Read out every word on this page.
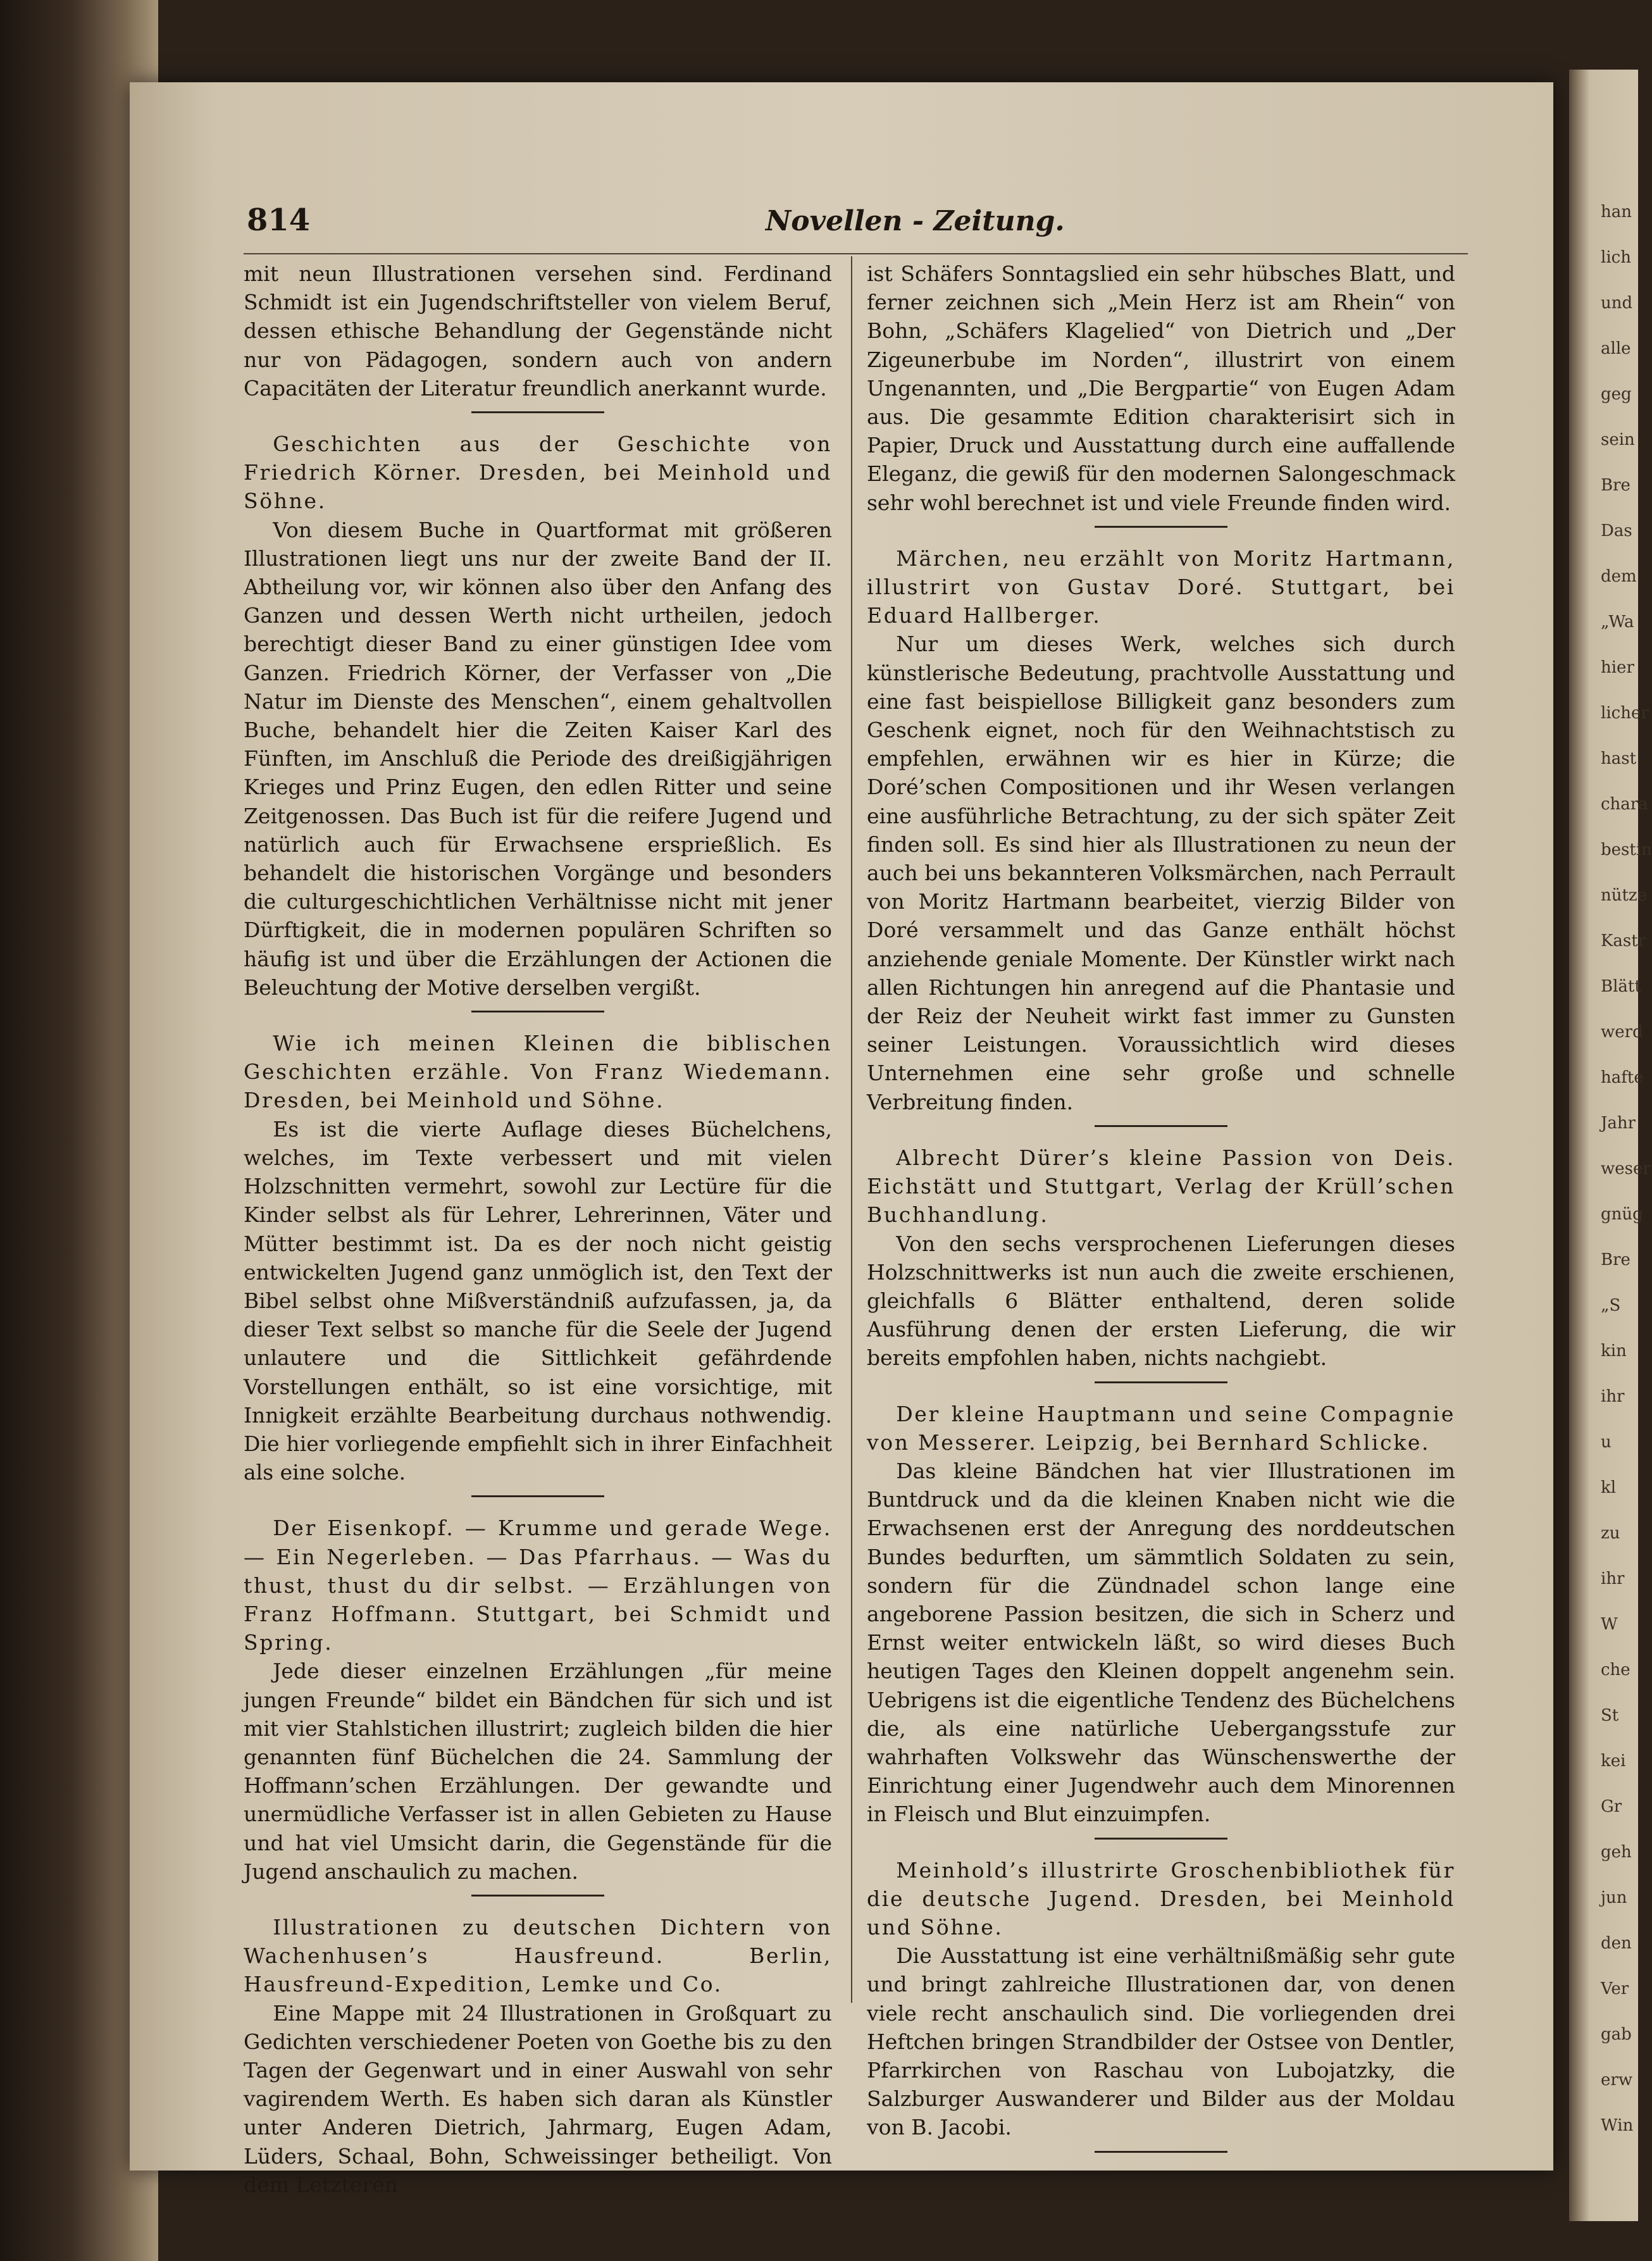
han
lich
und
alle
geg
sein
Bre
Das
dem
„Wa
hier
licher
hast
chara
bestin
nütze
Kastr
Blätt
werd
hafte
Jahr
weser
gnüg
Bre
„S
kin
ihr
u
kl
zu
ihr
W
che
St
kei
Gr
geh
jun
den
Ver
gab
erw
Win
814	Novellen - Zeitung.

mit neun Illustrationen versehen sind. Ferdinand Schmidt ist ein Jugendschriftsteller von vielem Beruf, dessen ethische Behandlung der Gegenstände nicht nur von Pädagogen, sondern auch von andern Capacitäten der Literatur freundlich anerkannt wurde.

Geschichten aus der Geschichte von Friedrich Körner. Dresden, bei Meinhold und Söhne.

Von diesem Buche in Quartformat mit größeren Illustrationen liegt uns nur der zweite Band der II. Abtheilung vor, wir können also über den Anfang des Ganzen und dessen Werth nicht urtheilen, jedoch berechtigt dieser Band zu einer günstigen Idee vom Ganzen. Friedrich Körner, der Verfasser von „Die Natur im Dienste des Menschen“, einem gehaltvollen Buche, behandelt hier die Zeiten Kaiser Karl des Fünften, im Anschluß die Periode des dreißigjährigen Krieges und Prinz Eugen, den edlen Ritter und seine Zeitgenossen. Das Buch ist für die reifere Jugend und natürlich auch für Erwachsene ersprießlich. Es behandelt die historischen Vorgänge und besonders die culturgeschichtlichen Verhältnisse nicht mit jener Dürftigkeit, die in modernen populären Schriften so häufig ist und über die Erzählungen der Actionen die Beleuchtung der Motive derselben vergißt.

Wie ich meinen Kleinen die biblischen Geschichten erzähle. Von Franz Wiedemann. Dresden, bei Meinhold und Söhne.

Es ist die vierte Auflage dieses Büchelchens, welches, im Texte verbessert und mit vielen Holzschnitten vermehrt, sowohl zur Lectüre für die Kinder selbst als für Lehrer, Lehrerinnen, Väter und Mütter bestimmt ist. Da es der noch nicht geistig entwickelten Jugend ganz unmöglich ist, den Text der Bibel selbst ohne Mißverständniß aufzufassen, ja, da dieser Text selbst so manche für die Seele der Jugend unlautere und die Sittlichkeit gefährdende Vorstellungen enthält, so ist eine vorsichtige, mit Innigkeit erzählte Bearbeitung durchaus nothwendig. Die hier vorliegende empfiehlt sich in ihrer Einfachheit als eine solche.

Der Eisenkopf. — Krumme und gerade Wege. — Ein Negerleben. — Das Pfarrhaus. — Was du thust, thust du dir selbst. — Erzählungen von Franz Hoffmann. Stuttgart, bei Schmidt und Spring.

Jede dieser einzelnen Erzählungen „für meine jungen Freunde“ bildet ein Bändchen für sich und ist mit vier Stahlstichen illustrirt; zugleich bilden die hier genannten fünf Büchelchen die 24. Sammlung der Hoffmann’schen Erzählungen. Der gewandte und unermüdliche Verfasser ist in allen Gebieten zu Hause und hat viel Umsicht darin, die Gegenstände für die Jugend anschaulich zu machen.

Illustrationen zu deutschen Dichtern von Wachenhusen’s Hausfreund. Berlin, Hausfreund-Expedition, Lemke und Co.

Eine Mappe mit 24 Illustrationen in Großquart zu Gedichten verschiedener Poeten von Goethe bis zu den Tagen der Gegenwart und in einer Auswahl von sehr vagirendem Werth. Es haben sich daran als Künstler unter Anderen Dietrich, Jahrmarg, Eugen Adam, Lüders, Schaal, Bohn, Schweissinger betheiligt. Von dem Letzteren

ist Schäfers Sonntagslied ein sehr hübsches Blatt, und ferner zeichnen sich „Mein Herz ist am Rhein“ von Bohn, „Schäfers Klagelied“ von Dietrich und „Der Zigeunerbube im Norden“, illustrirt von einem Ungenannten, und „Die Bergpartie“ von Eugen Adam aus. Die gesammte Edition charakterisirt sich in Papier, Druck und Ausstattung durch eine auffallende Eleganz, die gewiß für den modernen Salongeschmack sehr wohl berechnet ist und viele Freunde finden wird.

Märchen, neu erzählt von Moritz Hartmann, illustrirt von Gustav Doré. Stuttgart, bei Eduard Hallberger.

Nur um dieses Werk, welches sich durch künstlerische Bedeutung, prachtvolle Ausstattung und eine fast beispiellose Billigkeit ganz besonders zum Geschenk eignet, noch für den Weihnachtstisch zu empfehlen, erwähnen wir es hier in Kürze; die Doré’schen Compositionen und ihr Wesen verlangen eine ausführliche Betrachtung, zu der sich später Zeit finden soll. Es sind hier als Illustrationen zu neun der auch bei uns bekannteren Volksmärchen, nach Perrault von Moritz Hartmann bearbeitet, vierzig Bilder von Doré versammelt und das Ganze enthält höchst anziehende geniale Momente. Der Künstler wirkt nach allen Richtungen hin anregend auf die Phantasie und der Reiz der Neuheit wirkt fast immer zu Gunsten seiner Leistungen. Voraussichtlich wird dieses Unternehmen eine sehr große und schnelle Verbreitung finden.

Albrecht Dürer’s kleine Passion von Deis. Eichstätt und Stuttgart, Verlag der Krüll’schen Buchhandlung.

Von den sechs versprochenen Lieferungen dieses Holzschnittwerks ist nun auch die zweite erschienen, gleichfalls 6 Blätter enthaltend, deren solide Ausführung denen der ersten Lieferung, die wir bereits empfohlen haben, nichts nachgiebt.

Der kleine Hauptmann und seine Compagnie von Messerer. Leipzig, bei Bernhard Schlicke.

Das kleine Bändchen hat vier Illustrationen im Buntdruck und da die kleinen Knaben nicht wie die Erwachsenen erst der Anregung des norddeutschen Bundes bedurften, um sämmtlich Soldaten zu sein, sondern für die Zündnadel schon lange eine angeborene Passion besitzen, die sich in Scherz und Ernst weiter entwickeln läßt, so wird dieses Buch heutigen Tages den Kleinen doppelt angenehm sein. Uebrigens ist die eigentliche Tendenz des Büchelchens die, als eine natürliche Uebergangsstufe zur wahrhaften Volkswehr das Wünschenswerthe der Einrichtung einer Jugendwehr auch dem Minorennen in Fleisch und Blut einzuimpfen.

Meinhold’s illustrirte Groschenbibliothek für die deutsche Jugend. Dresden, bei Meinhold und Söhne.

Die Ausstattung ist eine verhältnißmäßig sehr gute und bringt zahlreiche Illustrationen dar, von denen viele recht anschaulich sind. Die vorliegenden drei Heftchen bringen Strandbilder der Ostsee von Dentler, Pfarrkirchen von Raschau von Lubojatzky, die Salzburger Auswanderer und Bilder aus der Moldau von B. Jacobi.
